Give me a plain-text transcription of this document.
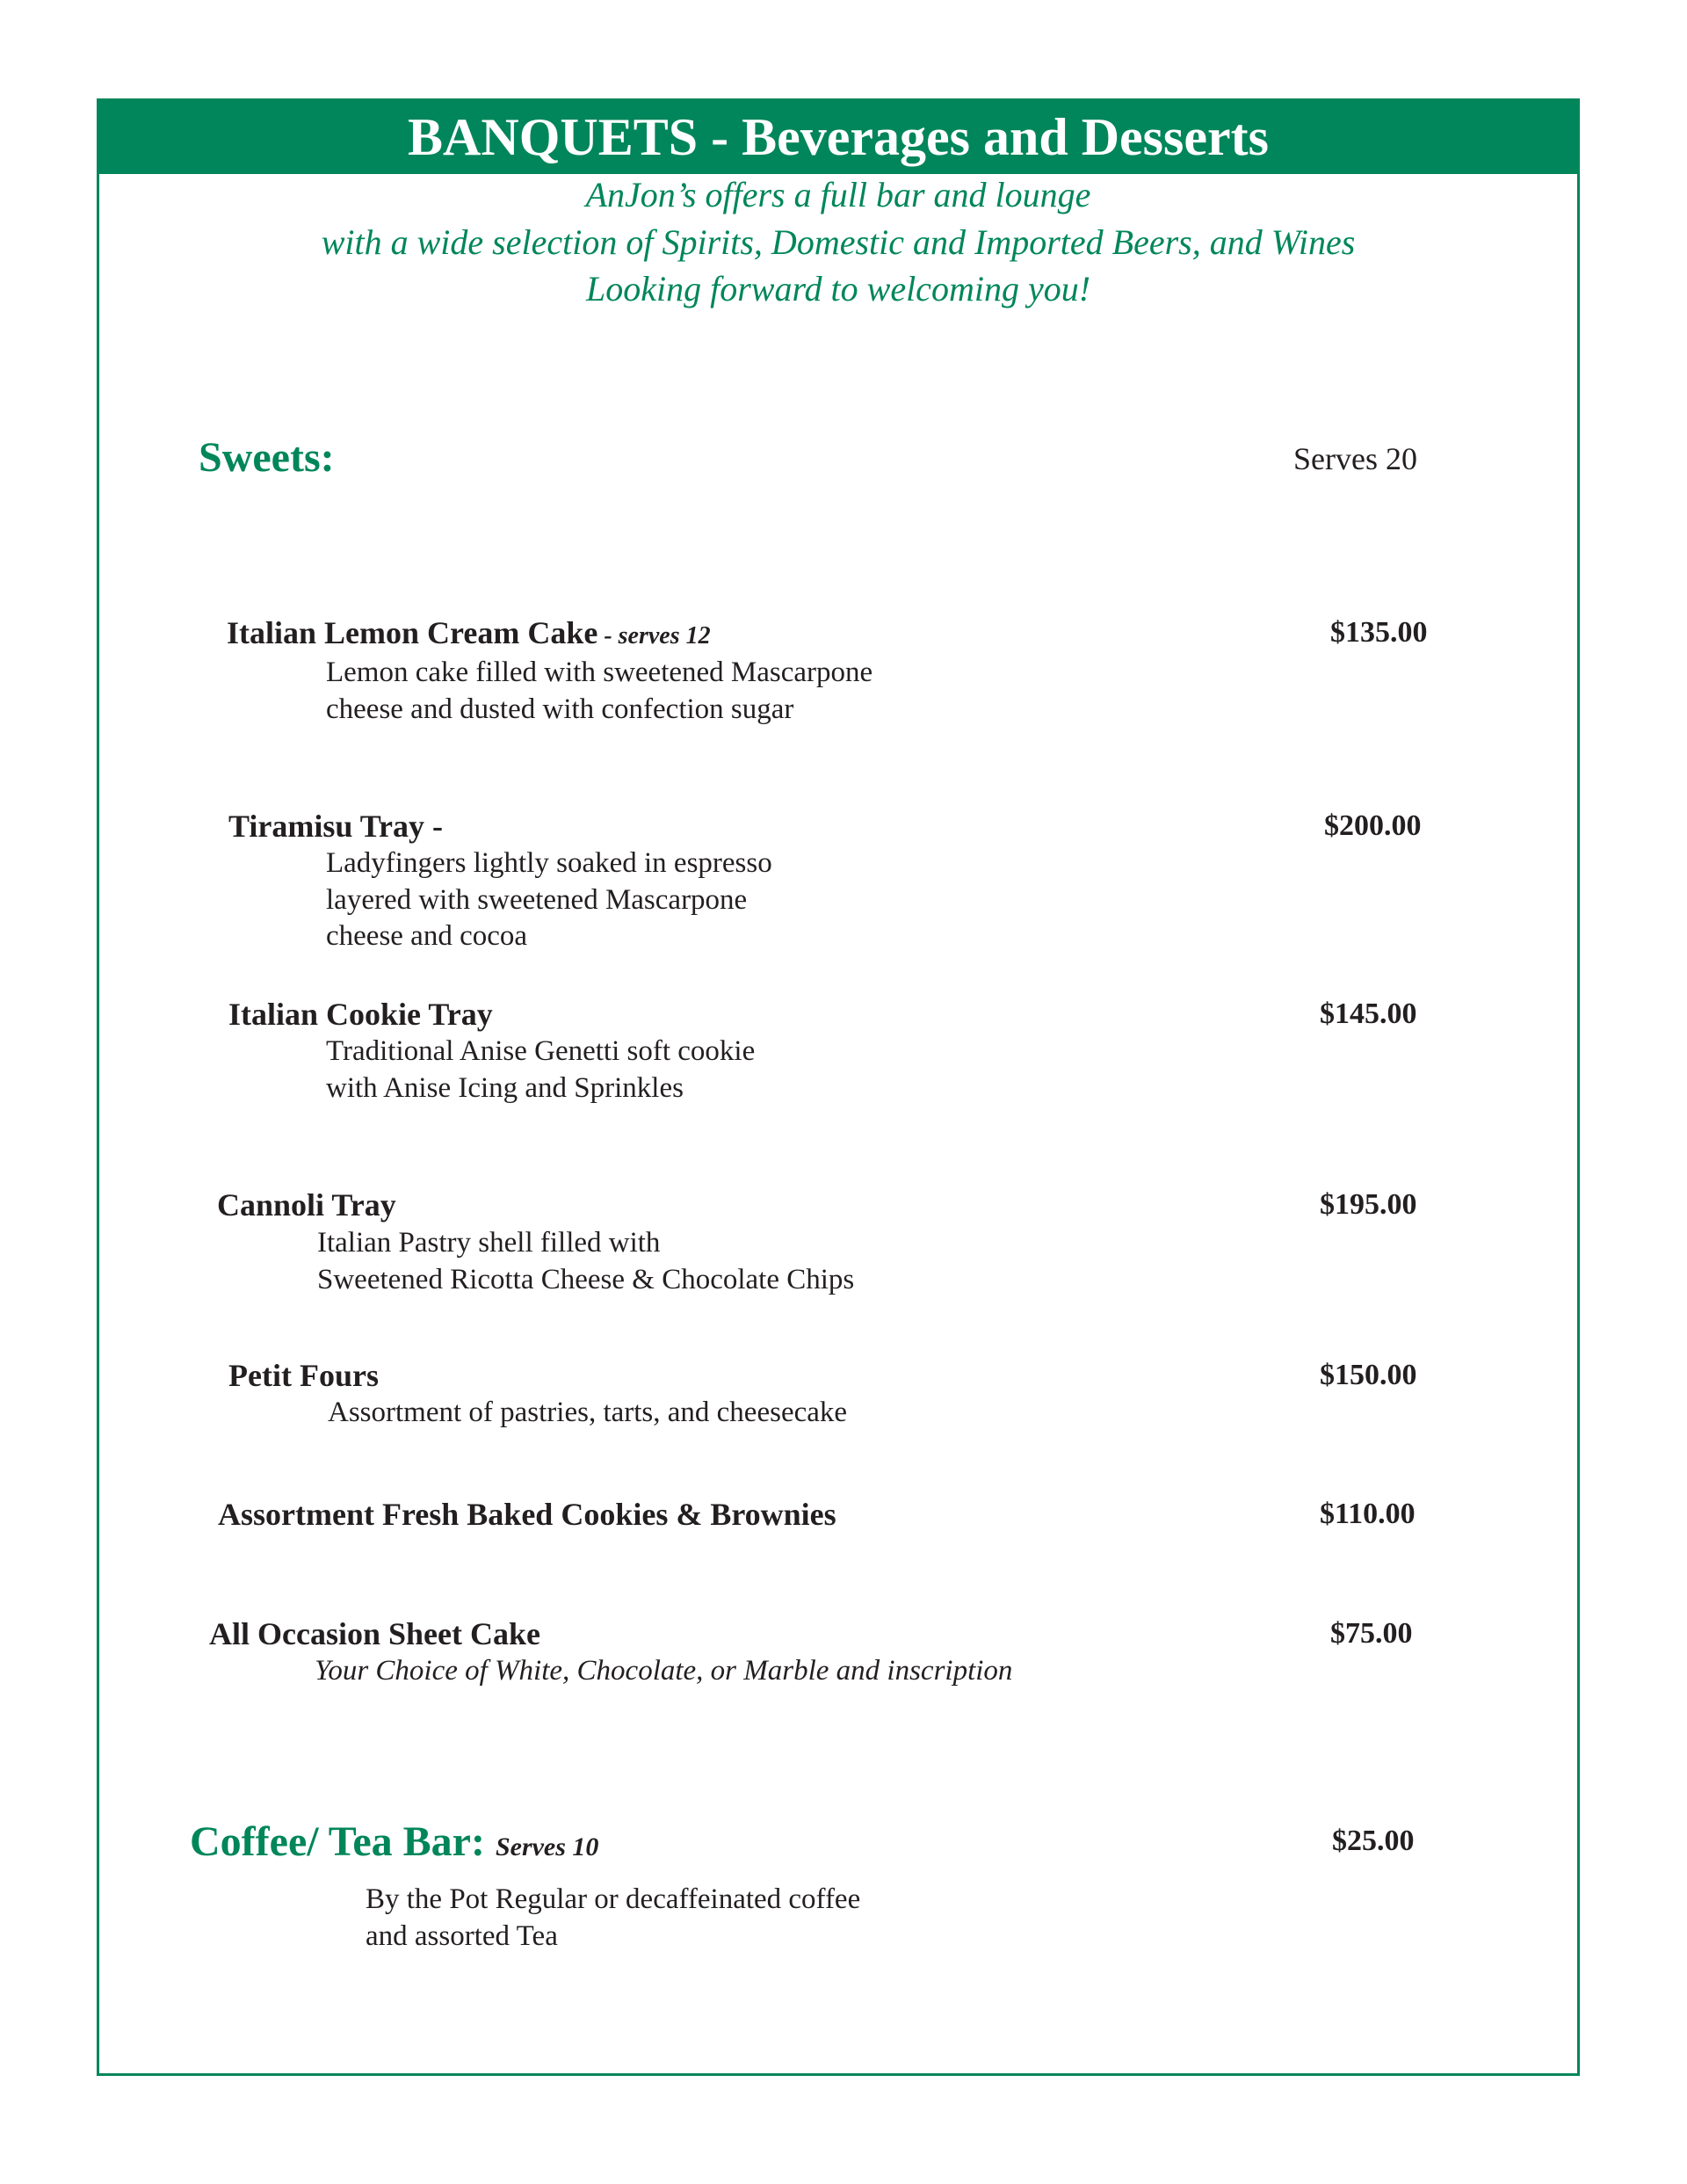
BANQUETS - Beverages and Desserts
AnJon’s offers a full bar and lounge
with a wide selection of Spirits, Domestic and Imported Beers, and Wines
Looking forward to welcoming you!
Sweets:	Serves 20
Italian Lemon Cream Cake - serves 12	$135.00
Lemon cake filled with sweetened Mascarpone
cheese and dusted with confection sugar
Tiramisu Tray -	$200.00
Ladyfingers lightly soaked in espresso
layered with sweetened Mascarpone
cheese and cocoa
Italian Cookie Tray	$145.00
Traditional Anise Genetti soft cookie
with Anise Icing and Sprinkles
Cannoli Tray	$195.00
Italian Pastry shell filled with
Sweetened Ricotta Cheese & Chocolate Chips
Petit Fours	$150.00
Assortment of pastries, tarts, and cheesecake
Assortment Fresh Baked Cookies & Brownies	$110.00
All Occasion Sheet Cake	$75.00
Your Choice of White, Chocolate, or Marble and inscription
Coffee/ Tea Bar: Serves 10	$25.00
By the Pot Regular or decaffeinated coffee
and assorted Tea
